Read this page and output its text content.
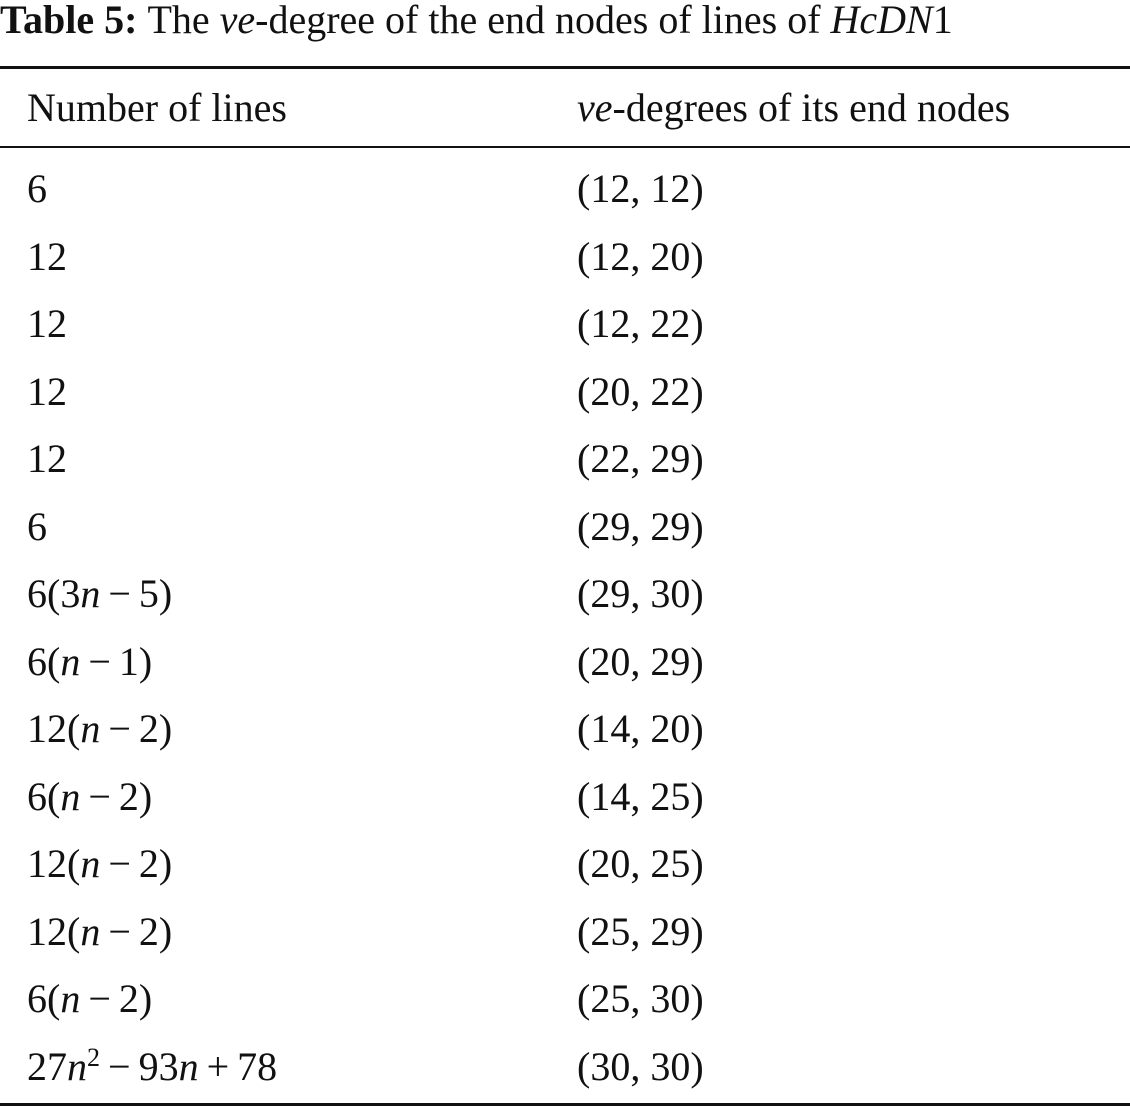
Table 5: The ve-degree of the end nodes of lines of HcDN1
Number of lines	ve-degrees of its end nodes
6	(12, 12)
12	(12, 20)
12	(12, 22)
12	(20, 22)
12	(22, 29)
6	(29, 29)
6(3n − 5)	(29, 30)
6(n − 1)	(20, 29)
12(n − 2)	(14, 20)
6(n − 2)	(14, 25)
12(n − 2)	(20, 25)
12(n − 2)	(25, 29)
6(n − 2)	(25, 30)
$27n^2 - 93n + 78$	(30, 30)
